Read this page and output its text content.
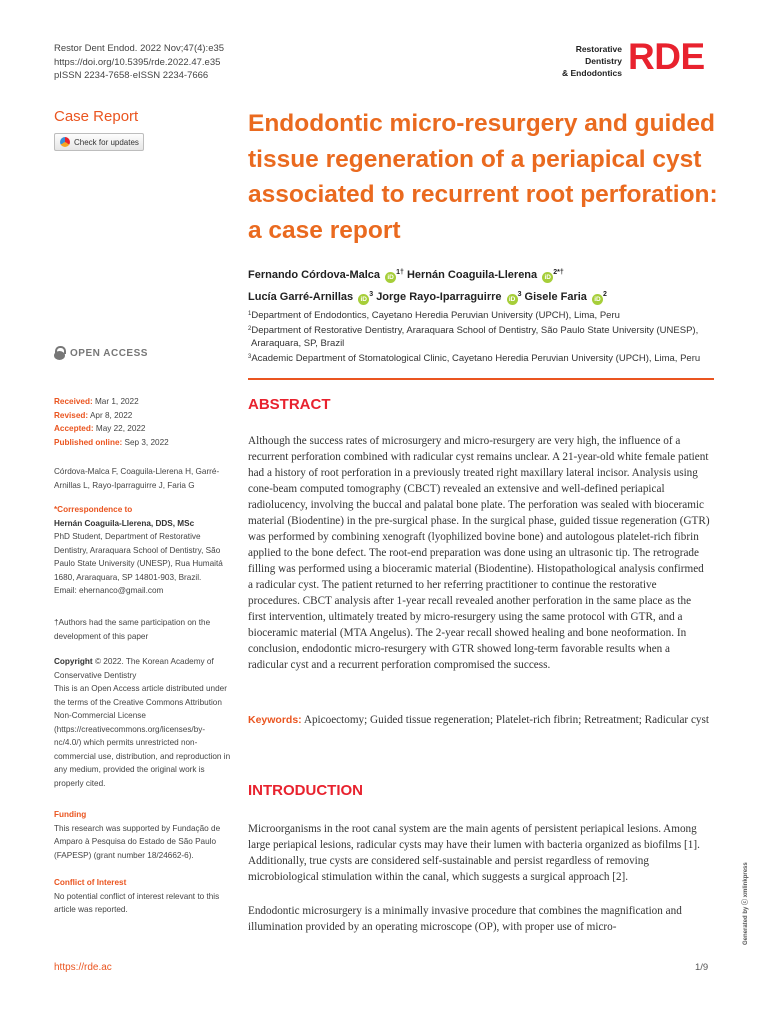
Restor Dent Endod. 2022 Nov;47(4):e35
https://doi.org/10.5395/rde.2022.47.e35
pISSN 2234-7658·eISSN 2234-7666
Restorative
Dentistry
& Endodontics RDE
Case Report
Check for updates
Endodontic micro-resurgery and guided tissue regeneration of a periapical cyst associated to recurrent root perforation: a case report
Fernando Córdova-Malca $iD^{1\dagger}$ Hernán Coaguila-Llerena $iD^{2*\dagger}$
Lucía Garré-Arnillas $iD^3$ Jorge Rayo-Iparraguirre $iD^3$ Gisele Faria $iD^2$
$^1$Department of Endodontics, Cayetano Heredia Peruvian University (UPCH), Lima, Peru
$^2$Department of Restorative Dentistry, Araraquara School of Dentistry, São Paulo State University (UNESP),
Araraquara, SP, Brazil
$^3$Academic Department of Stomatological Clinic, Cayetano Heredia Peruvian University (UPCH), Lima, Peru
OPEN ACCESS
Received: Mar 1, 2022
Revised: Apr 8, 2022
Accepted: May 22, 2022
Published online: Sep 3, 2022
Córdova-Malca F, Coaguila-Llerena H, Garré-Arnillas L, Rayo-Iparraguirre J, Faria G
*Correspondence to
Hernán Coaguila-Llerena, DDS, MSc
PhD Student, Department of Restorative Dentistry, Araraquara School of Dentistry, São Paulo State University (UNESP), Rua Humaitá 1680, Araraquara, SP 14801-903, Brazil.
Email: ehernanco@gmail.com
†Authors had the same participation on the development of this paper
Copyright © 2022. The Korean Academy of Conservative Dentistry
This is an Open Access article distributed under the terms of the Creative Commons Attribution Non-Commercial License (https://creativecommons.org/licenses/by-nc/4.0/) which permits unrestricted non-commercial use, distribution, and reproduction in any medium, provided the original work is properly cited.
Funding
This research was supported by Fundação de Amparo à Pesquisa do Estado de São Paulo (FAPESP) (grant number 18/24662-6).
Conflict of Interest
No potential conflict of interest relevant to this article was reported.
ABSTRACT

Although the success rates of microsurgery and micro-resurgery are very high, the influence of a recurrent perforation combined with radicular cyst remains unclear. A 21-year-old white female patient had a history of root perforation in a previously treated right maxillary lateral incisor. Analysis using cone-beam computed tomography (CBCT) revealed an extensive and well-defined periapical radiolucency, involving the buccal and palatal bone plate. The perforation was sealed with bioceramic material (Biodentine) in the pre-surgical phase. In the surgical phase, guided tissue regeneration (GTR) was performed by combining xenograft (lyophilized bovine bone) and autologous platelet-rich fibrin applied to the bone defect. The root-end preparation was done using an ultrasonic tip. The retrograde filling was performed using a bioceramic material (Biodentine). Histopathological analysis confirmed a radicular cyst. The patient returned to her referring practitioner to continue the restorative procedures. CBCT analysis after 1-year recall revealed another perforation in the same place as the first intervention, ultimately treated by micro-resurgery using the same protocol with GTR, and a bioceramic material (MTA Angelus). The 2-year recall showed healing and bone neoformation. In conclusion, endodontic micro-resurgery with GTR showed long-term favorable results when a radicular cyst and a recurrent perforation compromised the success.

Keywords: Apicoectomy; Guided tissue regeneration; Platelet-rich fibrin; Retreatment; Radicular cyst

INTRODUCTION

Microorganisms in the root canal system are the main agents of persistent periapical lesions. Among large periapical lesions, radicular cysts may have their lumen with bacteria organized as biofilms [1]. Additionally, true cysts are considered self-sustainable and persist regardless of removing microbiological stimulation within the canal, which suggests a surgical approach [2].

Endodontic microsurgery is a minimally invasive procedure that combines the magnification and illumination provided by an operating microscope (OP), with proper use of micro-

https://rde.ac	1/9
Generated by ⓒ xmlinkpress
